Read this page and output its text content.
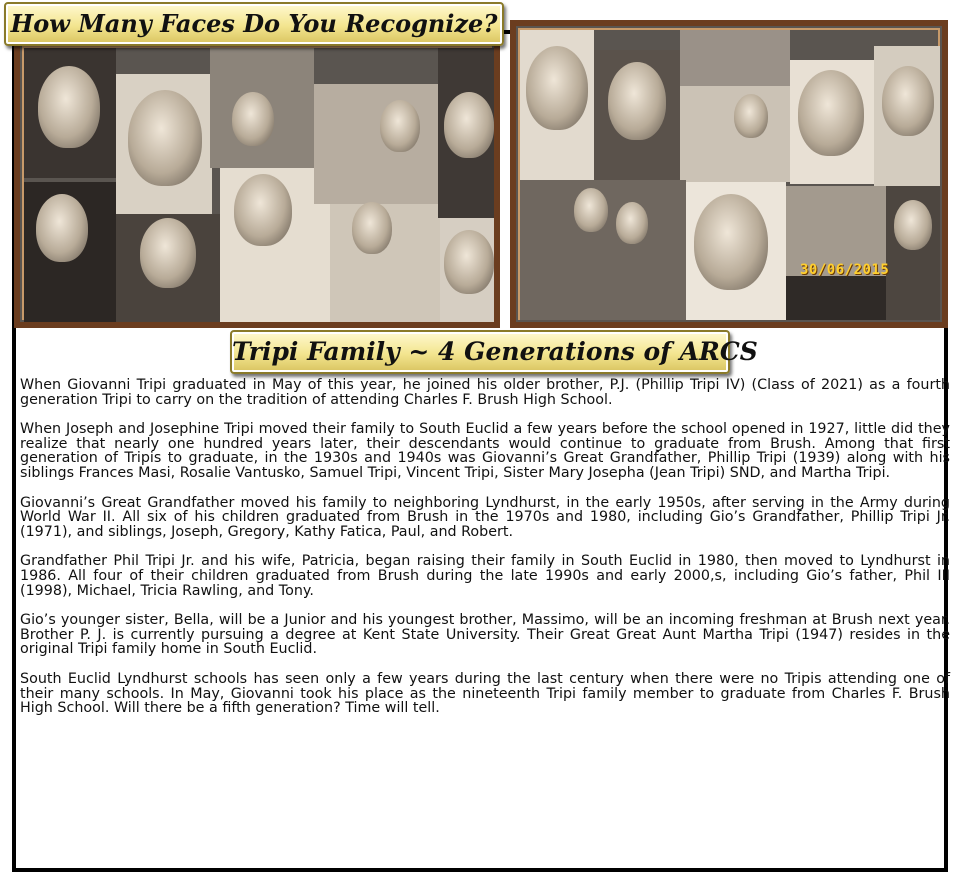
30/06/2015
How Many Faces Do You Recognize?
Tripi Family ~ 4 Generations of ARCS

When Giovanni Tripi graduated in May of this year, he joined his older brother, P.J. (Phillip Tripi IV) (Class of 2021) as a fourth generation Tripi to carry on the tradition of attending Charles F. Brush High School.

When Joseph and Josephine Tripi moved their family to South Euclid a few years before the school opened in 1927, little did they realize that nearly one hundred years later, their descendants would continue to graduate from Brush. Among that first generation of Tripis to graduate, in the 1930s and 1940s was Giovanni’s Great Grandfather, Phillip Tripi (1939) along with his siblings Frances Masi, Rosalie Vantusko, Samuel Tripi, Vincent Tripi, Sister Mary Josepha (Jean Tripi) SND, and Martha Tripi.

Giovanni’s Great Grandfather moved his family to neighboring Lyndhurst, in the early 1950s, after serving in the Army during World War II. All six of his children graduated from Brush in the 1970s and 1980, including Gio’s Grandfather, Phillip Tripi Jr. (1971), and siblings, Joseph, Gregory, Kathy Fatica, Paul, and Robert.

Grandfather Phil Tripi Jr. and his wife, Patricia, began raising their family in South Euclid in 1980, then moved to Lyndhurst in 1986. All four of their children graduated from Brush during the late 1990s and early 2000,s, including Gio’s father, Phil III (1998), Michael, Tricia Rawling, and Tony.

Gio’s younger sister, Bella, will be a Junior and his youngest brother, Massimo, will be an incoming freshman at Brush next year. Brother P. J. is currently pursuing a degree at Kent State University. Their Great Great Aunt Martha Tripi (1947) resides in the original Tripi family home in South Euclid.

South Euclid Lyndhurst schools has seen only a few years during the last century when there were no Tripis attending one of their many schools. In May, Giovanni took his place as the nineteenth Tripi family member to graduate from Charles F. Brush High School. Will there be a fifth generation? Time will tell.
